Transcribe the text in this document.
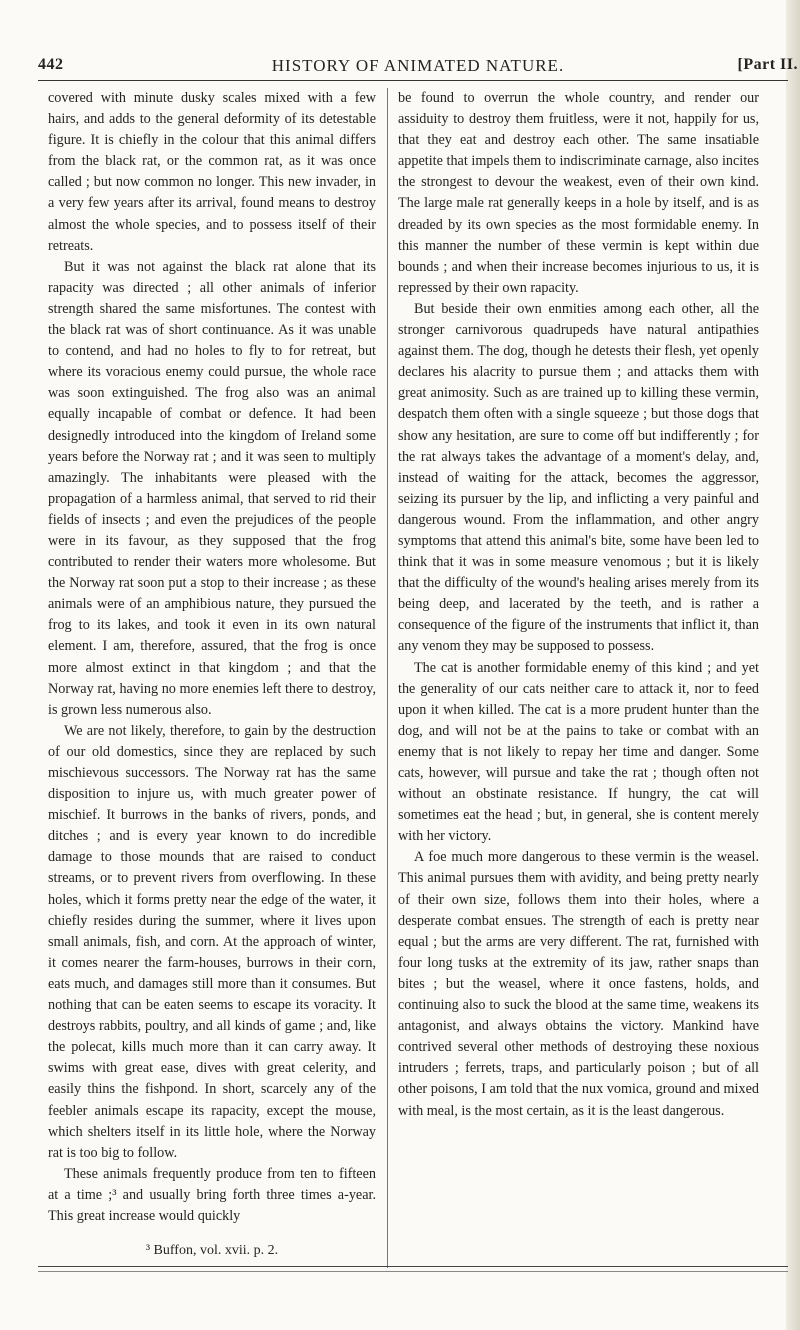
442	HISTORY OF ANIMATED NATURE.	[Part II.

covered with minute dusky scales mixed with a few hairs, and adds to the general deformity of its detestable figure. It is chiefly in the colour that this animal differs from the black rat, or the common rat, as it was once called ; but now common no longer. This new invader, in a very few years after its arrival, found means to destroy almost the whole species, and to possess itself of their retreats.

But it was not against the black rat alone that its rapacity was directed ; all other animals of inferior strength shared the same misfortunes. The contest with the black rat was of short continuance. As it was unable to contend, and had no holes to fly to for retreat, but where its voracious enemy could pursue, the whole race was soon extinguished. The frog also was an animal equally incapable of combat or defence. It had been designedly introduced into the kingdom of Ireland some years before the Norway rat ; and it was seen to multiply amazingly. The inhabitants were pleased with the propagation of a harmless animal, that served to rid their fields of insects ; and even the prejudices of the people were in its favour, as they supposed that the frog contributed to render their waters more wholesome. But the Norway rat soon put a stop to their increase ; as these animals were of an amphibious nature, they pursued the frog to its lakes, and took it even in its own natural element. I am, therefore, assured, that the frog is once more almost extinct in that kingdom ; and that the Norway rat, having no more enemies left there to destroy, is grown less numerous also.

We are not likely, therefore, to gain by the destruction of our old domestics, since they are replaced by such mischievous successors. The Norway rat has the same disposition to injure us, with much greater power of mischief. It burrows in the banks of rivers, ponds, and ditches ; and is every year known to do incredible damage to those mounds that are raised to conduct streams, or to prevent rivers from overflowing. In these holes, which it forms pretty near the edge of the water, it chiefly resides during the summer, where it lives upon small animals, fish, and corn. At the approach of winter, it comes nearer the farm-houses, burrows in their corn, eats much, and damages still more than it consumes. But nothing that can be eaten seems to escape its voracity. It destroys rabbits, poultry, and all kinds of game ; and, like the polecat, kills much more than it can carry away. It swims with great ease, dives with great celerity, and easily thins the fishpond. In short, scarcely any of the feebler animals escape its rapacity, except the mouse, which shelters itself in its little hole, where the Norway rat is too big to follow.

These animals frequently produce from ten to fifteen at a time ;³ and usually bring forth three times a-year. This great increase would quickly

be found to overrun the whole country, and render our assiduity to destroy them fruitless, were it not, happily for us, that they eat and destroy each other. The same insatiable appetite that impels them to indiscriminate carnage, also incites the strongest to devour the weakest, even of their own kind. The large male rat generally keeps in a hole by itself, and is as dreaded by its own species as the most formidable enemy. In this manner the number of these vermin is kept within due bounds ; and when their increase becomes injurious to us, it is repressed by their own rapacity.

But beside their own enmities among each other, all the stronger carnivorous quadrupeds have natural antipathies against them. The dog, though he detests their flesh, yet openly declares his alacrity to pursue them ; and attacks them with great animosity. Such as are trained up to killing these vermin, despatch them often with a single squeeze ; but those dogs that show any hesitation, are sure to come off but indifferently ; for the rat always takes the advantage of a moment's delay, and, instead of waiting for the attack, becomes the aggressor, seizing its pursuer by the lip, and inflicting a very painful and dangerous wound. From the inflammation, and other angry symptoms that attend this animal's bite, some have been led to think that it was in some measure venomous ; but it is likely that the difficulty of the wound's healing arises merely from its being deep, and lacerated by the teeth, and is rather a consequence of the figure of the instruments that inflict it, than any venom they may be supposed to possess.

The cat is another formidable enemy of this kind ; and yet the generality of our cats neither care to attack it, nor to feed upon it when killed. The cat is a more prudent hunter than the dog, and will not be at the pains to take or combat with an enemy that is not likely to repay her time and danger. Some cats, however, will pursue and take the rat ; though often not without an obstinate resistance. If hungry, the cat will sometimes eat the head ; but, in general, she is content merely with her victory.

A foe much more dangerous to these vermin is the weasel. This animal pursues them with avidity, and being pretty nearly of their own size, follows them into their holes, where a desperate combat ensues. The strength of each is pretty near equal ; but the arms are very different. The rat, furnished with four long tusks at the extremity of its jaw, rather snaps than bites ; but the weasel, where it once fastens, holds, and continuing also to suck the blood at the same time, weakens its antagonist, and always obtains the victory. Mankind have contrived several other methods of destroying these noxious intruders ; ferrets, traps, and particularly poison ; but of all other poisons, I am told that the nux vomica, ground and mixed with meal, is the most certain, as it is the least dangerous.

³ Buffon, vol. xvii. p. 2.
